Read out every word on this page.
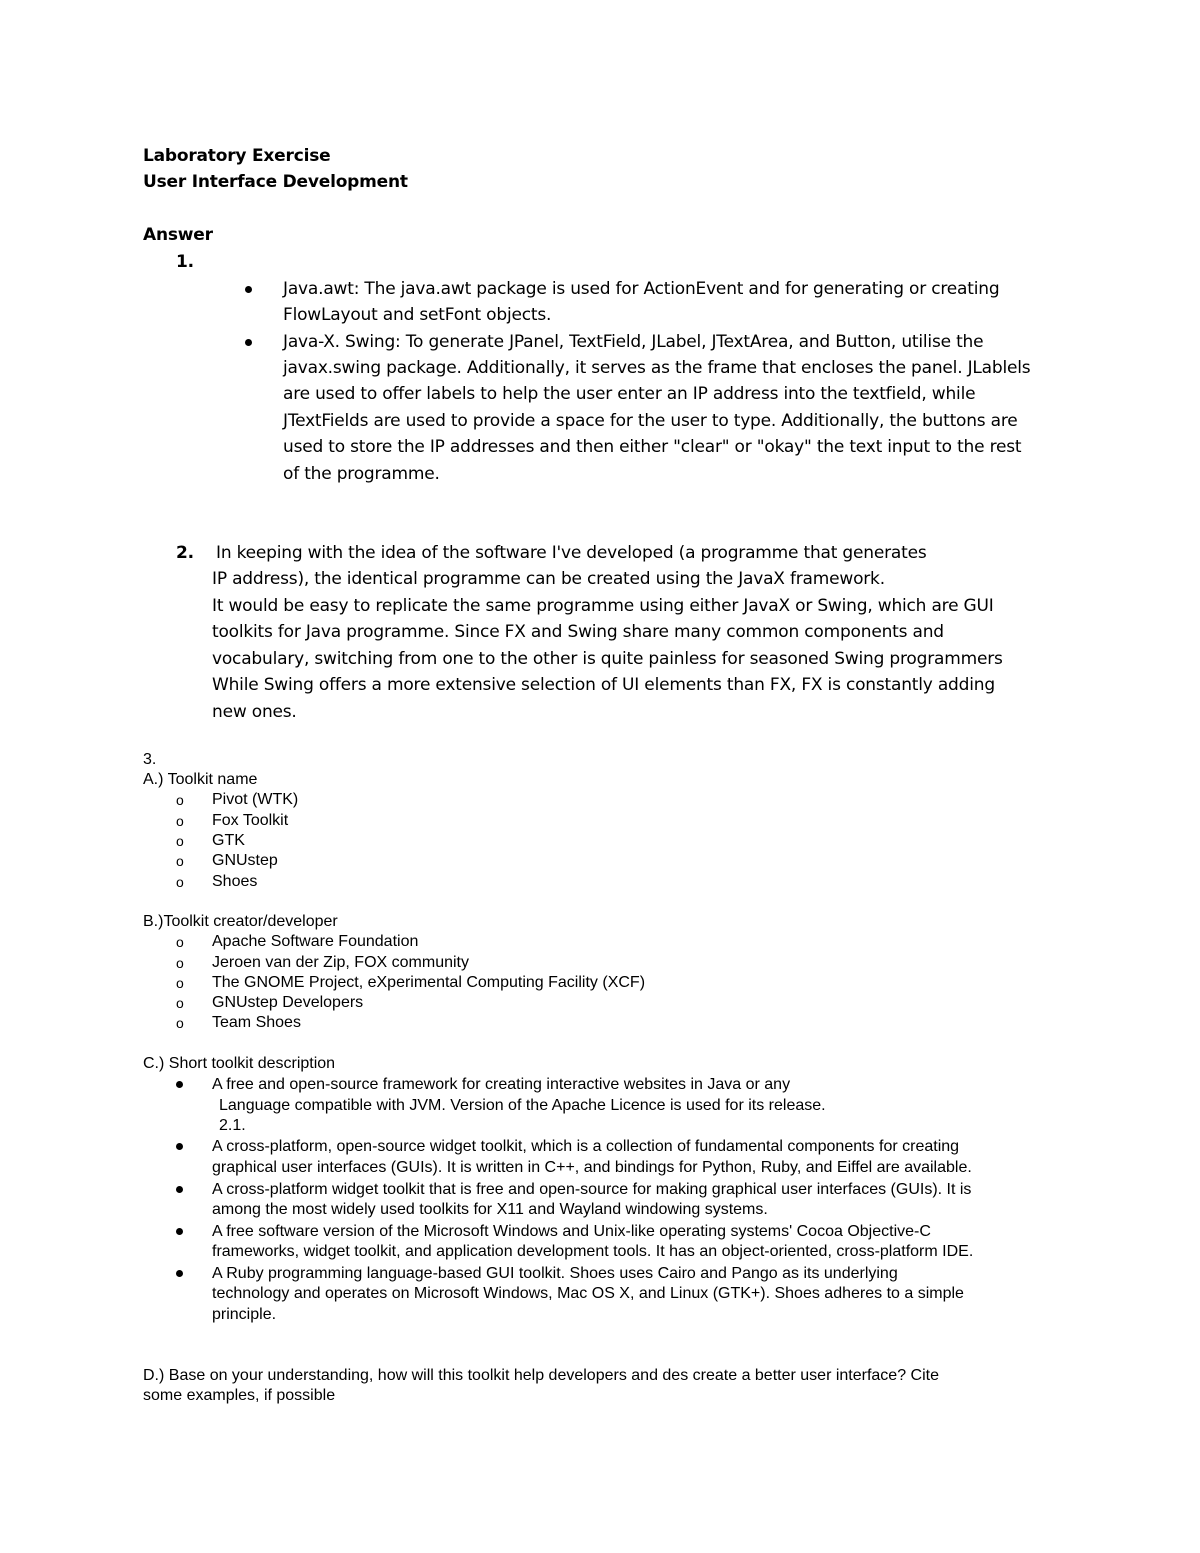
Laboratory Exercise
User Interface Development
Answer
1.
Java.awt: The java.awt package is used for ActionEvent and for generating or creating
FlowLayout and setFont objects.
Java-X. Swing: To generate JPanel, TextField, JLabel, JTextArea, and Button, utilise the
javax.swing package. Additionally, it serves as the frame that encloses the panel. JLablels
are used to offer labels to help the user enter an IP address into the textfield, while
JTextFields are used to provide a space for the user to type. Additionally, the buttons are
used to store the IP addresses and then either "clear" or "okay" the text input to the rest
of the programme.
2. In keeping with the idea of the software I've developed (a programme that generates
IP address), the identical programme can be created using the JavaX framework.
It would be easy to replicate the same programme using either JavaX or Swing, which are GUI
toolkits for Java programme. Since FX and Swing share many common components and
vocabulary, switching from one to the other is quite painless for seasoned Swing programmers
While Swing offers a more extensive selection of UI elements than FX, FX is constantly adding
new ones.
3.
A.) Toolkit name
o Pivot (WTK)
o Fox Toolkit
o GTK
o GNUstep
o Shoes
B.)Toolkit creator/developer
o Apache Software Foundation
o Jeroen van der Zip, FOX community
o The GNOME Project, eXperimental Computing Facility (XCF)
o GNUstep Developers
o Team Shoes
C.) Short toolkit description
A free and open-source framework for creating interactive websites in Java or any
Language compatible with JVM. Version of the Apache Licence is used for its release.
2.1.
A cross-platform, open-source widget toolkit, which is a collection of fundamental components for creating
graphical user interfaces (GUIs). It is written in C++, and bindings for Python, Ruby, and Eiffel are available.
A cross-platform widget toolkit that is free and open-source for making graphical user interfaces (GUIs). It is
among the most widely used toolkits for X11 and Wayland windowing systems.
A free software version of the Microsoft Windows and Unix-like operating systems' Cocoa Objective-C
frameworks, widget toolkit, and application development tools. It has an object-oriented, cross-platform IDE.
A Ruby programming language-based GUI toolkit. Shoes uses Cairo and Pango as its underlying
technology and operates on Microsoft Windows, Mac OS X, and Linux (GTK+). Shoes adheres to a simple
principle.
D.) Base on your understanding, how will this toolkit help developers and des create a better user interface? Cite
some examples, if possible
